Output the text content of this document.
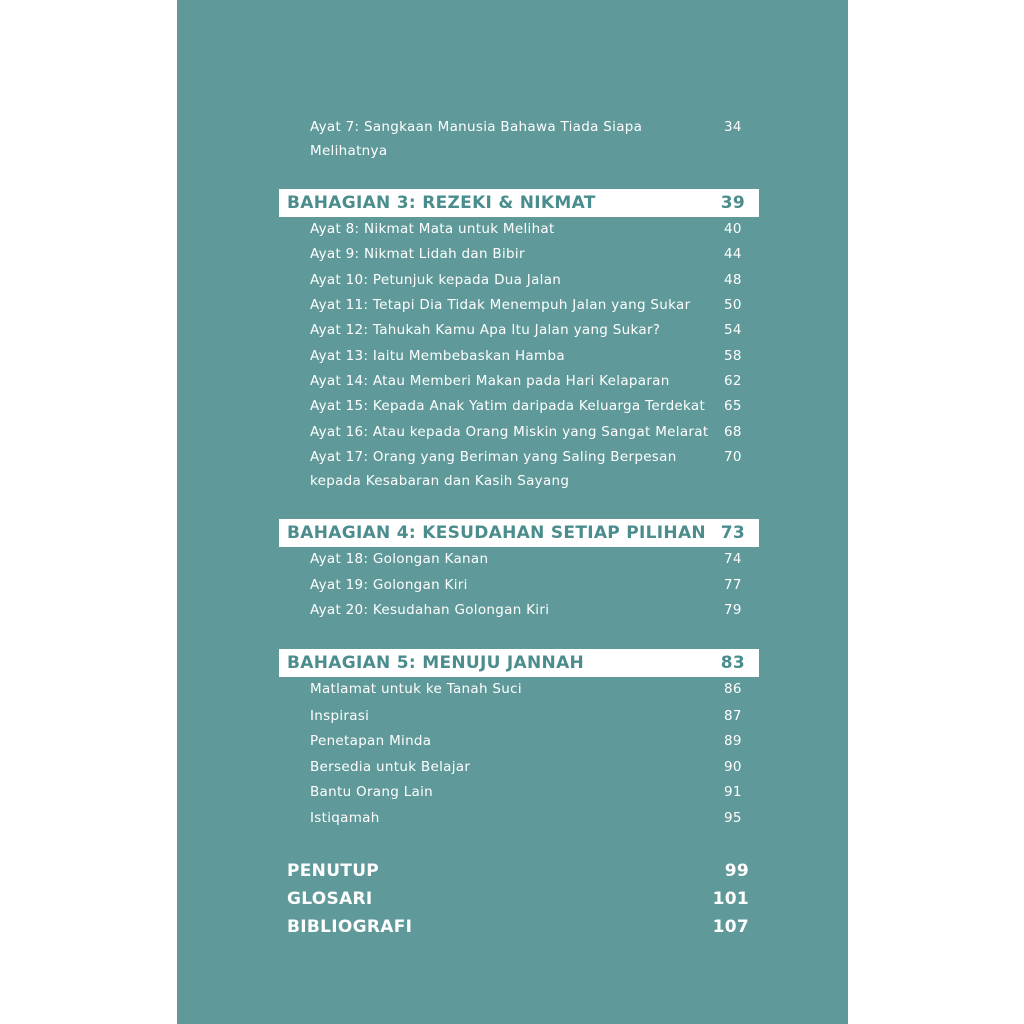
Ayat 7: Sangkaan Manusia Bahawa Tiada Siapa
Melihatnya
34
BAHAGIAN 3: REZEKI & NIKMAT	39
Ayat 8: Nikmat Mata untuk Melihat	40
Ayat 9: Nikmat Lidah dan Bibir	44
Ayat 10: Petunjuk kepada Dua Jalan	48
Ayat 11: Tetapi Dia Tidak Menempuh Jalan yang Sukar 50
Ayat 12: Tahukah Kamu Apa Itu Jalan yang Sukar?	54
Ayat 13: Iaitu Membebaskan Hamba	58
Ayat 14: Atau Memberi Makan pada Hari Kelaparan	62
Ayat 15: Kepada Anak Yatim daripada Keluarga Terdekat 65
Ayat 16: Atau kepada Orang Miskin yang Sangat Melarat 68
Ayat 17: Orang yang Beriman yang Saling Berpesan
kepada Kesabaran dan Kasih Sayang
70
BAHAGIAN 4: KESUDAHAN SETIAP PILIHAN 73
Ayat 18: Golongan Kanan	74
Ayat 19: Golongan Kiri	77
Ayat 20: Kesudahan Golongan Kiri	79
BAHAGIAN 5: MENUJU JANNAH	83
Matlamat untuk ke Tanah Suci	86
Inspirasi	87
Penetapan Minda	89
Bersedia untuk Belajar	90
Bantu Orang Lain	91
Istiqamah	95
PENUTUP	99
GLOSARI	101
BIBLIOGRAFI	107
